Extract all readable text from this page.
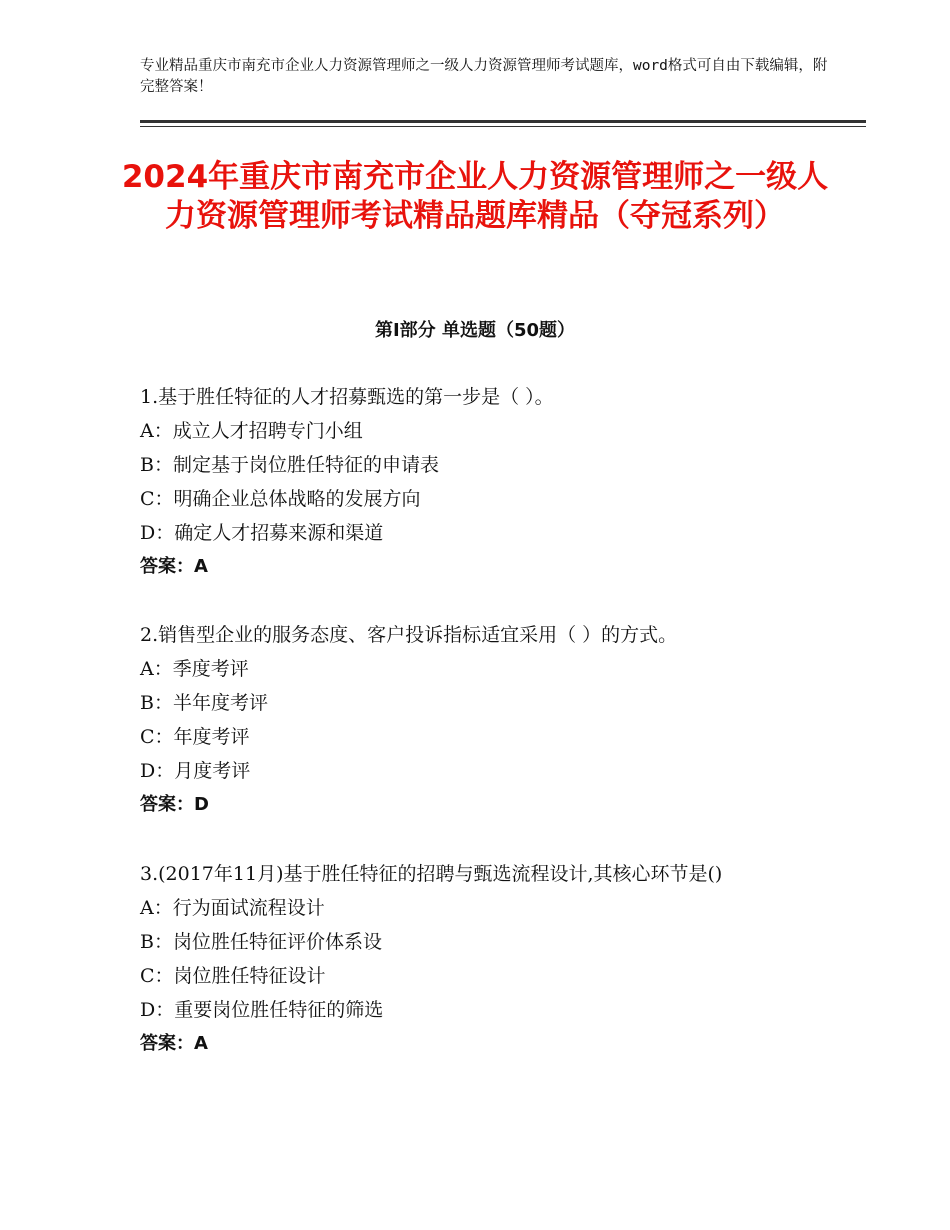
专业精品重庆市南充市企业人力资源管理师之一级人力资源管理师考试题库，word格式可自由下载编辑，附完整答案！
2024年重庆市南充市企业人力资源管理师之一级人力资源管理师考试精品题库精品（夺冠系列）
第Ⅰ部分 单选题（50题）
1.基于胜任特征的人才招募甄选的第一步是（ ）。
A：成立人才招聘专门小组
B：制定基于岗位胜任特征的申请表
C：明确企业总体战略的发展方向
D：确定人才招募来源和渠道
答案：A
2.销售型企业的服务态度、客户投诉指标适宜采用（ ）的方式。
A：季度考评
B：半年度考评
C：年度考评
D：月度考评
答案：D
3.(2017年11月)基于胜任特征的招聘与甄选流程设计,其核心环节是()
A：行为面试流程设计
B：岗位胜任特征评价体系设
C：岗位胜任特征设计
D：重要岗位胜任特征的筛选
答案：A
